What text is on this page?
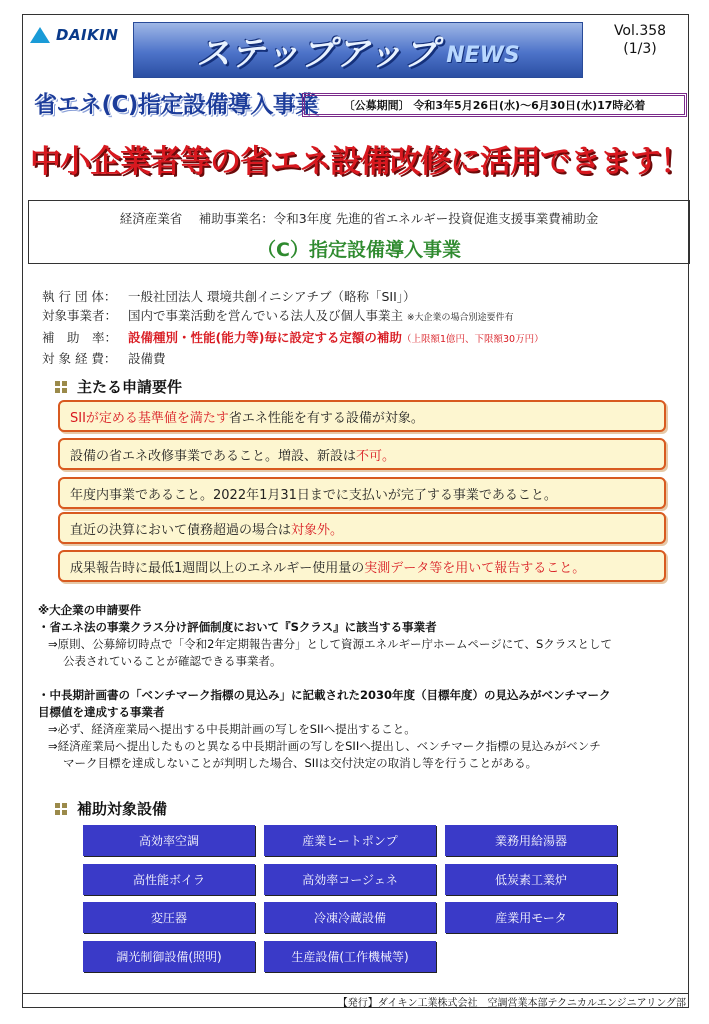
DAIKIN ステップアップ NEWS
Vol.358
(1/3)
省エネ(C)指定設備導入事業	〔公募期間〕 令和3年5月26日(水)～6月30日(水)17時必着
中小企業者等の省エネ設備改修に活用できます！
経済産業省　 補助事業名：令和3年度 先進的省エネルギー投資促進支援事業費補助金
（C）指定設備導入事業
執 行 団 体： 一般社団法人 環境共創イニシアチブ（略称「SII」）
対象事業者： 国内で事業活動を営んでいる法人及び個人事業主 ※大企業の場合別途要件有
補　助　率： 設備種別・性能(能力等)毎に設定する定額の補助（上限額1億円、下限額30万円）
対 象 経 費： 設備費
主たる申請要件
SIIが定める基準値を満たす 省エネ性能を有する設備が対象。
設備の省エネ改修事業であること。増設、新設は 不可。
年度内事業であること。2022年1月31日までに支払いが完了する事業であること。
直近の決算において債務超過の場合は 対象外。
成果報告時に最低1週間以上のエネルギー使用量の 実測データ等を用いて報告すること。
※大企業の申請要件
・省エネ法の事業クラス分け評価制度において『Sクラス』に該当する事業者
⇒原則、公募締切時点で「令和2年定期報告書分」として資源エネルギー庁ホームページにて、Sクラスとして
公表されていることが確認できる事業者。
・中長期計画書の「ベンチマーク指標の見込み」に記載された2030年度（目標年度）の見込みがベンチマーク
目標値を達成する事業者
⇒必ず、経済産業局へ提出する中長期計画の写しをSIIへ提出すること。
⇒経済産業局へ提出したものと異なる中長期計画の写しをSIIへ提出し、ベンチマーク指標の見込みがベンチ
マーク目標を達成しないことが判明した場合、SIIは交付決定の取消し等を行うことがある。
補助対象設備
高効率空調	産業ヒートポンプ	業務用給湯器
高性能ボイラ	高効率コージェネ	低炭素工業炉
変圧器	冷凍冷蔵設備	産業用モータ
調光制御設備(照明)	生産設備(工作機械等)
【発行】ダイキン工業株式会社　空調営業本部テクニカルエンジニアリング部
